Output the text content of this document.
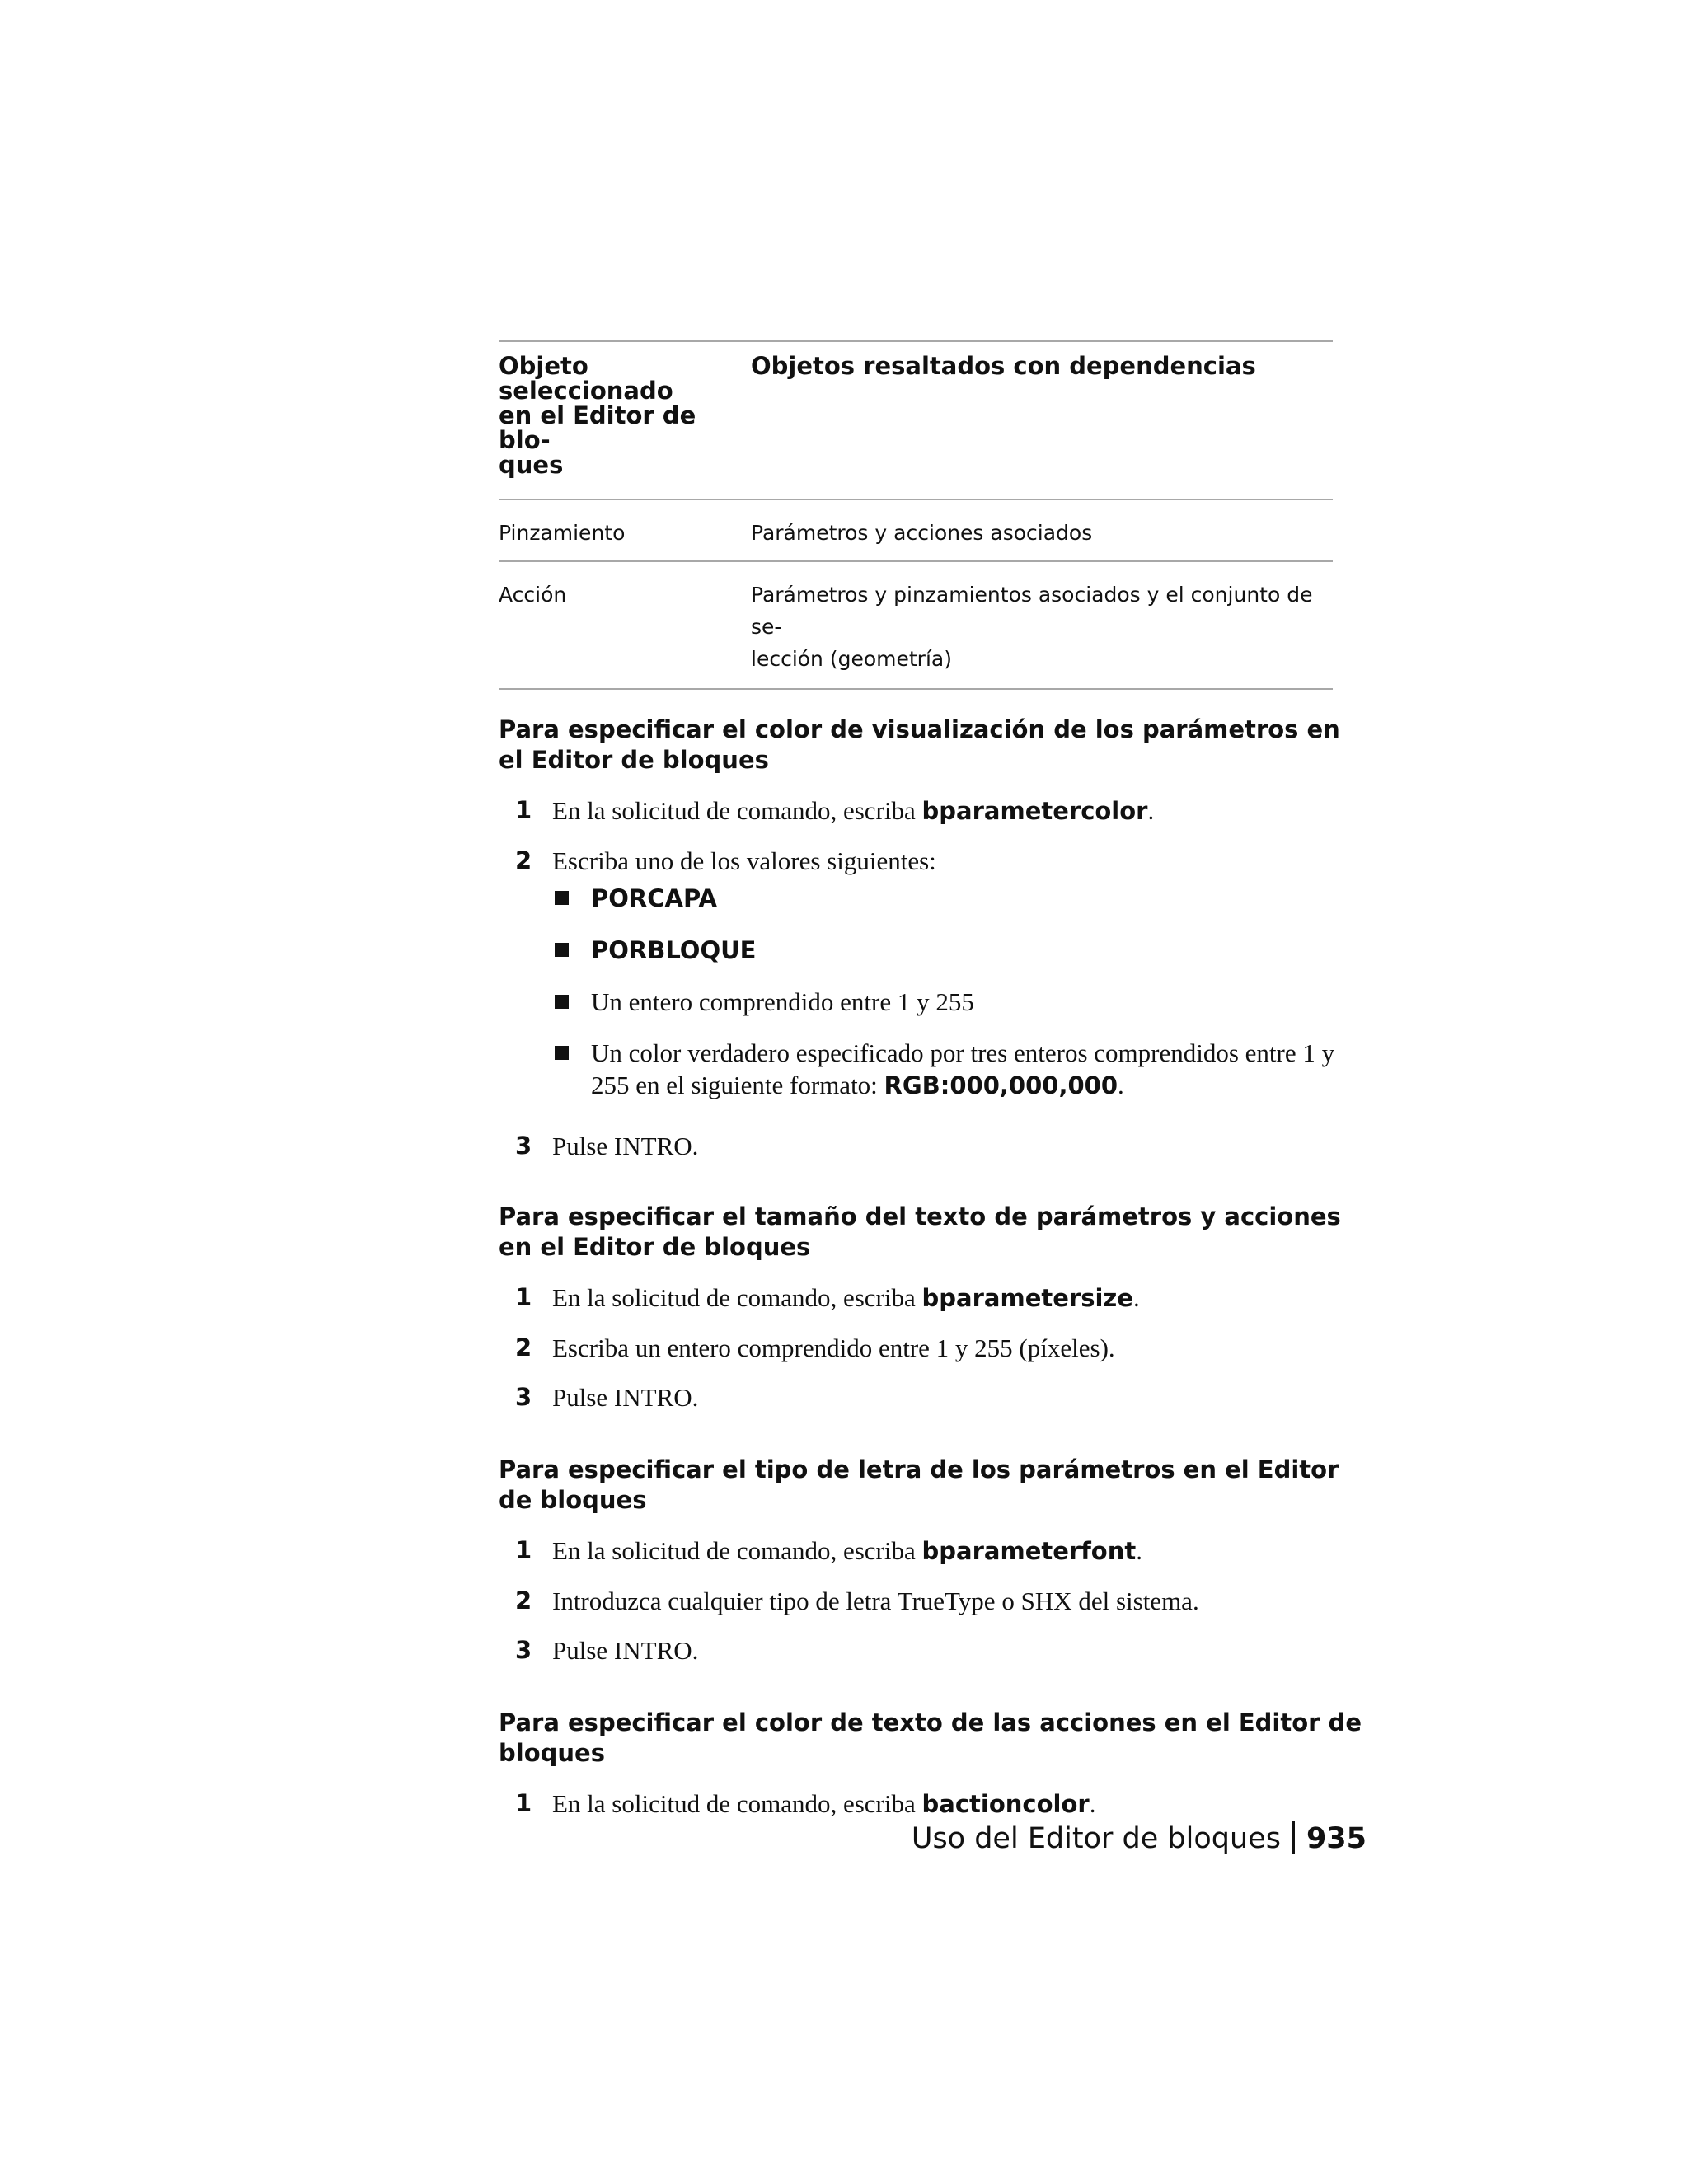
Objeto seleccionado
en el Editor de blo-
ques	Objetos resaltados con dependencias
Pinzamiento	Parámetros y acciones asociados
Acción	Parámetros y pinzamientos asociados y el conjunto de se-
lección (geometría)
Para especificar el color de visualización de los parámetros en el Editor de bloques
1 En la solicitud de comando, escriba bparametercolor.
2 Escriba uno de los valores siguientes:
PORCAPA
PORBLOQUE
Un entero comprendido entre 1 y 255
Un color verdadero especificado por tres enteros comprendidos entre 1 y 255 en el siguiente formato: RGB:000,000,000.
3 Pulse INTRO.
Para especificar el tamaño del texto de parámetros y acciones en el Editor de bloques
1 En la solicitud de comando, escriba bparametersize.
2 Escriba un entero comprendido entre 1 y 255 (píxeles).
3 Pulse INTRO.
Para especificar el tipo de letra de los parámetros en el Editor de bloques
1 En la solicitud de comando, escriba bparameterfont.
2 Introduzca cualquier tipo de letra TrueType o SHX del sistema.
3 Pulse INTRO.
Para especificar el color de texto de las acciones en el Editor de bloques
1 En la solicitud de comando, escriba bactioncolor.
Uso del Editor de bloques 935
